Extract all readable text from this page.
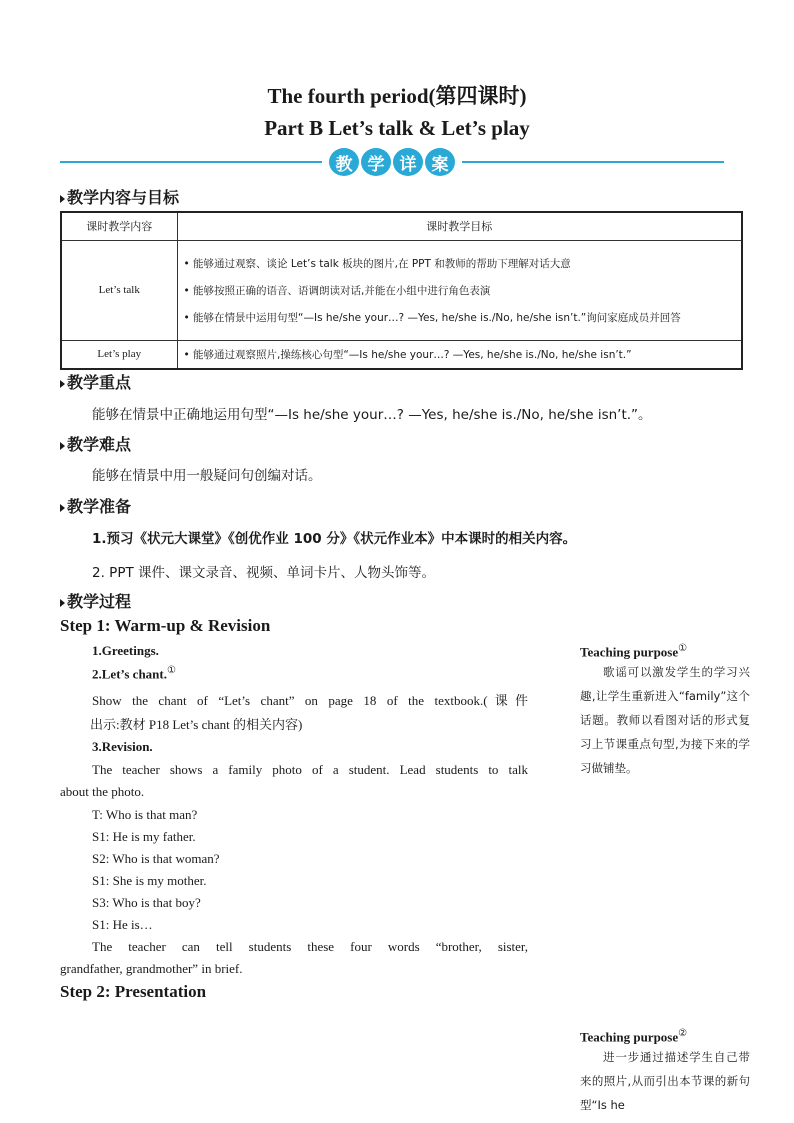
The fourth period(第四课时)
Part B Let’s talk & Let’s play
教 学 详 案
教学内容与目标
课时教学内容	课时教学目标
Let’s talk	• 能够通过观察、谈论 Let’s talk 板块的图片,在 PPT 和教师的帮助下理解对话大意
• 能够按照正确的语音、语调朗读对话,并能在小组中进行角色表演
• 能够在情景中运用句型“—Is he/she your…? —Yes, he/she is./No, he/she isn’t.”询问家庭成员并回答

Let’s play	• 能够通过观察照片,操练核心句型“—Is he/she your…? —Yes, he/she is./No, he/she isn’t.”
教学重点
能够在情景中正确地运用句型“—Is he/she your…? —Yes, he/she is./No, he/she isn’t.”。
教学难点
能够在情景中用一般疑问句创编对话。
教学准备
1.预习《状元大课堂》《创优作业 100 分》《状元作业本》中本课时的相关内容。
2. PPT 课件、课文录音、视频、单词卡片、人物头饰等。
教学过程
Step 1: Warm-up & Revision
1.Greetings.
2.Let’s chant.①
Show the chant of “Let’s chant” on page 18 of the textbook.(课件
出示:教材 P18 Let’s chant 的相关内容)
3.Revision.
The teacher shows a family photo of a student. Lead students to talk
about the photo.
T: Who is that man?
S1: He is my father.
S2: Who is that woman?
S1: She is my mother.
S3: Who is that boy?
S1: He is…
The teacher can tell students these four words “brother, sister,
grandfather, grandmother” in brief.
Step 2: Presentation
Teaching purpose①
歌谣可以激发学生的学习兴趣,让学生重新进入“family”这个话题。教师以看图对话的形式复习上节课重点句型,为接下来的学习做铺垫。
Teaching purpose②
进一步通过描述学生自己带来的照片,从而引出本节课的新句型“Is he
